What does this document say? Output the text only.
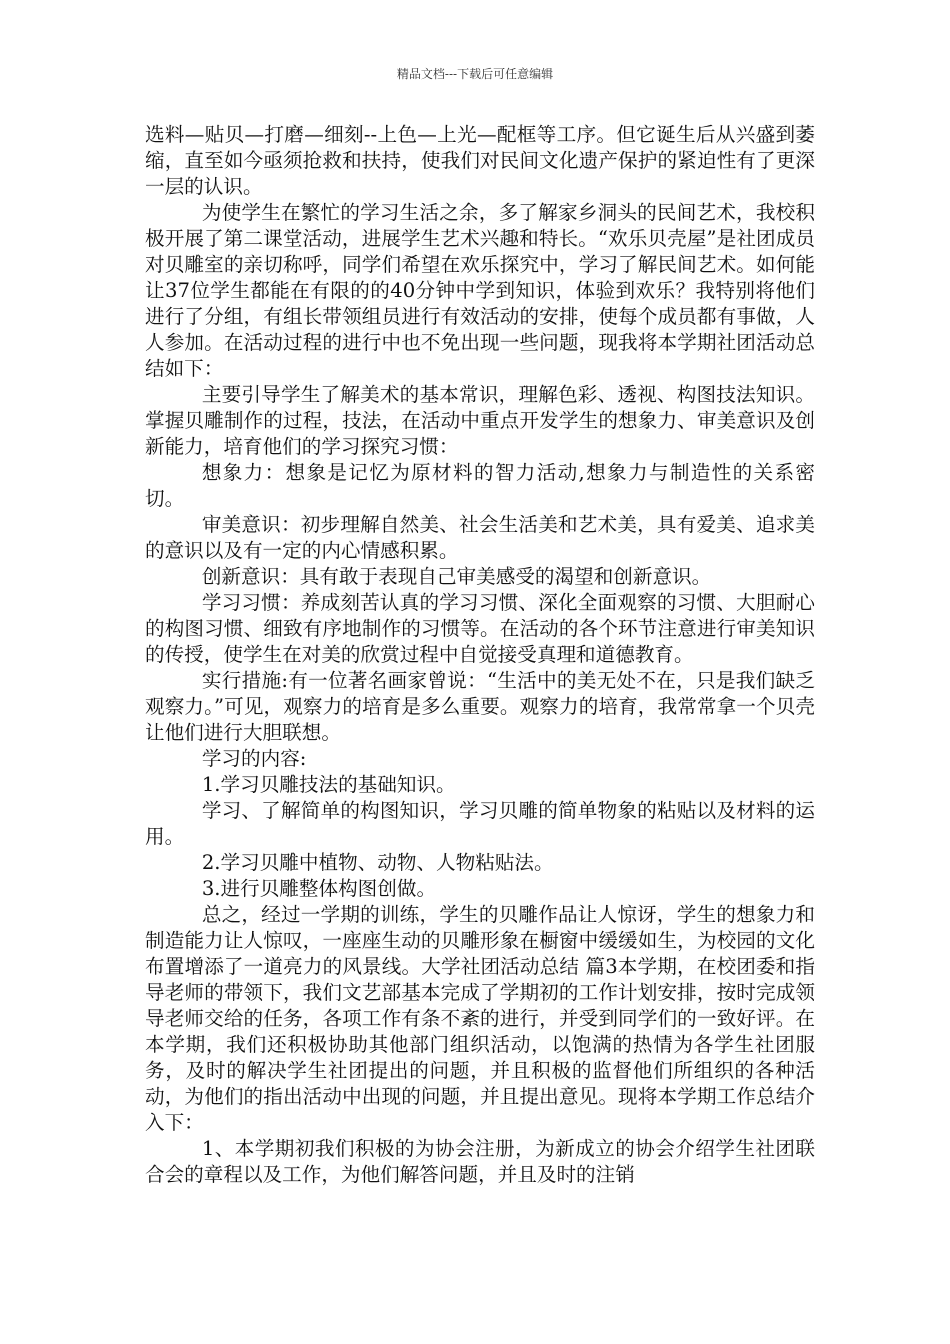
精品文档---下载后可任意编辑

选料—贴贝—打磨—细刻--上色—上光—配框等工序。但它诞生后从兴盛到萎缩，直至如今亟须抢救和扶持，使我们对民间文化遗产保护的紧迫性有了更深一层的认识。

为使学生在繁忙的学习生活之余，多了解家乡洞头的民间艺术，我校积极开展了第二课堂活动，进展学生艺术兴趣和特长。“欢乐贝壳屋”是社团成员对贝雕室的亲切称呼，同学们希望在欢乐探究中，学习了解民间艺术。如何能让37位学生都能在有限的的40分钟中学到知识，体验到欢乐？我特别将他们进行了分组，有组长带领组员进行有效活动的安排，使每个成员都有事做，人人参加。在活动过程的进行中也不免出现一些问题，现我将本学期社团活动总结如下：

主要引导学生了解美术的基本常识，理解色彩、透视、构图技法知识。掌握贝雕制作的过程，技法，在活动中重点开发学生的想象力、审美意识及创新能力，培育他们的学习探究习惯：

想象力：想象是记忆为原材料的智力活动,想象力与制造性的关系密切。

审美意识：初步理解自然美、社会生活美和艺术美，具有爱美、追求美的意识以及有一定的内心情感积累。

创新意识：具有敢于表现自己审美感受的渴望和创新意识。

学习习惯：养成刻苦认真的学习习惯、深化全面观察的习惯、大胆耐心的构图习惯、细致有序地制作的习惯等。在活动的各个环节注意进行审美知识的传授，使学生在对美的欣赏过程中自觉接受真理和道德教育。

实行措施:有一位著名画家曾说：“生活中的美无处不在，只是我们缺乏观察力。”可见，观察力的培育是多么重要。观察力的培育，我常常拿一个贝壳让他们进行大胆联想。

学习的内容:

1.学习贝雕技法的基础知识。

学习、了解简单的构图知识，学习贝雕的简单物象的粘贴以及材料的运用。

2.学习贝雕中植物、动物、人物粘贴法。

3.进行贝雕整体构图创做。

总之，经过一学期的训练，学生的贝雕作品让人惊讶，学生的想象力和制造能力让人惊叹，一座座生动的贝雕形象在橱窗中缓缓如生，为校园的文化布置增添了一道亮力的风景线。大学社团活动总结 篇3本学期，在校团委和指导老师的带领下，我们文艺部基本完成了学期初的工作计划安排，按时完成领导老师交给的任务，各项工作有条不紊的进行，并受到同学们的一致好评。在本学期，我们还积极协助其他部门组织活动，以饱满的热情为各学生社团服务，及时的解决学生社团提出的问题，并且积极的监督他们所组织的各种活动，为他们的指出活动中出现的问题，并且提出意见。现将本学期工作总结介入下：

1、本学期初我们积极的为协会注册，为新成立的协会介绍学生社团联合会的章程以及工作，为他们解答问题，并且及时的注销
